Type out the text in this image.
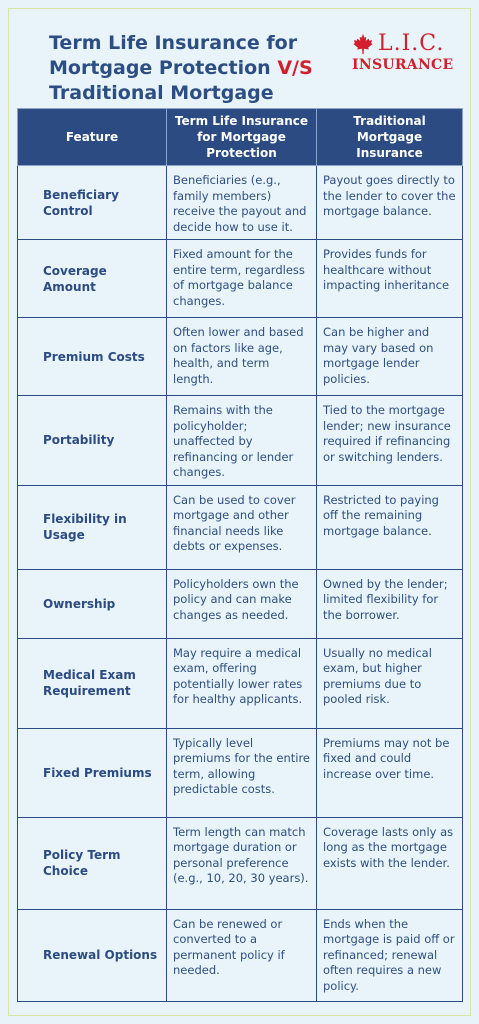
Term Life Insurance for
Mortgage Protection V/S
Traditional Mortgage
L.I.C.
INSURANCE
Feature	Term Life Insurance for Mortgage Protection	Traditional Mortgage Insurance
Beneficiary Control	Beneficiaries (e.g., family members) receive the payout and decide how to use it.	Payout goes directly to the lender to cover the mortgage balance.
Coverage Amount	Fixed amount for the entire term, regardless of mortgage balance changes.	Provides funds for healthcare without impacting inheritance
Premium Costs	Often lower and based on factors like age, health, and term length.	Can be higher and may vary based on mortgage lender policies.
Portability	Remains with the policyholder; unaffected by refinancing or lender changes.	Tied to the mortgage lender; new insurance required if refinancing or switching lenders.
Flexibility in Usage	Can be used to cover mortgage and other financial needs like debts or expenses.	Restricted to paying off the remaining mortgage balance.
Ownership	Policyholders own the policy and can make changes as needed.	Owned by the lender; limited flexibility for the borrower.
Medical Exam Requirement	May require a medical exam, offering potentially lower rates for healthy applicants.	Usually no medical exam, but higher premiums due to pooled risk.
Fixed Premiums	Typically level premiums for the entire term, allowing predictable costs.	Premiums may not be fixed and could increase over time.
Policy Term Choice	Term length can match mortgage duration or personal preference (e.g., 10, 20, 30 years).	Coverage lasts only as long as the mortgage exists with the lender.
Renewal Options	Can be renewed or converted to a permanent policy if needed.	Ends when the mortgage is paid off or refinanced; renewal often requires a new policy.
